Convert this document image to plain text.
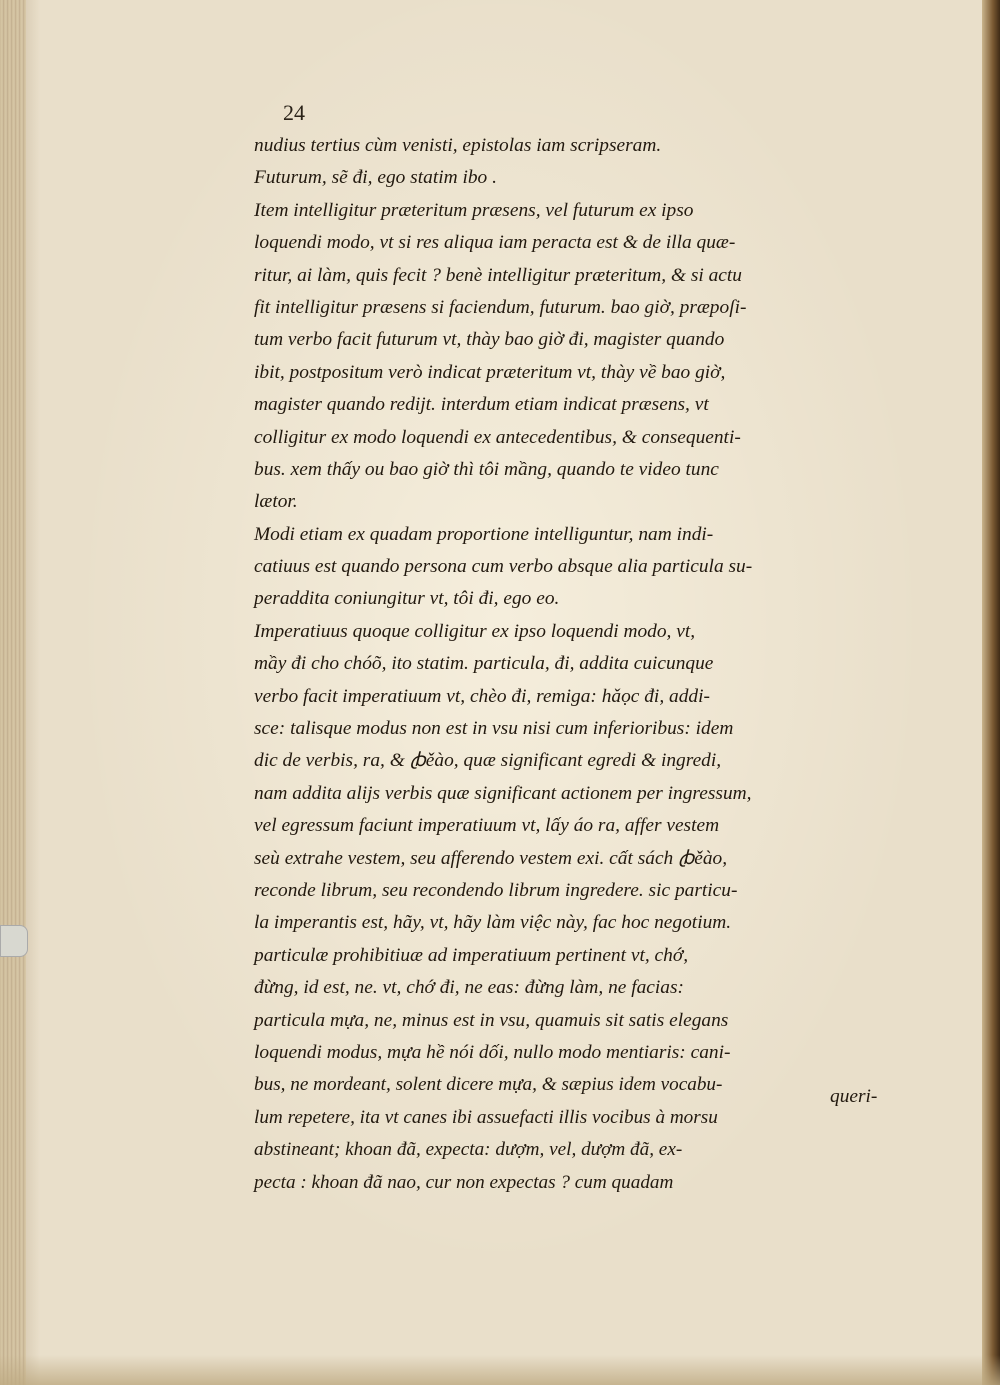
24
nudius tertius cùm venisti, epistolas iam scripseram.
Futurum, sẽ đi, ego statim ibo .
Item intelligitur præteritum præsens, vel futurum ex ipso
loquendi modo, vt si res aliqua iam peracta est & de illa quæ-
ritur, ai làm, quis fecit ? benè intelligitur præteritum, & si actu
fit intelligitur præsens si faciendum, futurum. bao giờ, præpoſi-
tum verbo facit futurum vt, thày bao giờ đi, magister quando
ibit, postpositum verò indicat præteritum vt, thày về bao giờ,
magister quando rediјt. interdum etiam indicat præsens, vt
colligitur ex modo loquendi ex antecedentibus, & consequenti-
bus. xem thấy ou bao giờ thì tôi mầng, quando te video tunc
lætor.
Modi etiam ex quadam proportione intelliguntur, nam indi-
catiuus est quando persona cum verbo absque alia particula su-
peraddita coniungitur vt, tôi đi, ego eo.
Imperatiuus quoque colligitur ex ipso loquendi modo, vt,
mầy đi cho chóõ, ito statim. particula, đi, addita cuicunque
verbo facit imperatiuum vt, chèo đi, remiga: hǎọc đi, addi-
sce: talisque modus non est in vsu nisi cum inferioribus: idem
dic de verbis, ra, & ꞗěào, quæ significant egredi & ingredi,
nam addita alijs verbis quæ significant actionem per ingressum,
vel egressum faciunt imperatiuum vt, lấy áo ra, affer vestem
seù extrahe vestem, seu afferendo vestem exi. cất sách ꞗěào,
reconde librum, seu recondendo librum ingredere. sic particu-
la imperantis est, hãy, vt, hãy làm việc này, fac hoc negotium.
particulæ prohibitiuæ ad imperatiuum pertinent vt, chớ,
đừng, id est, ne. vt, chớ đi, ne eas: đừng làm, ne facias:
particula mựa, ne, minus est in vsu, quamuis sit satis elegans
loquendi modus, mựa hề nói dối, nullo modo mentiaris: cani-
bus, ne mordeant, solent dicere mựa, & sæpius idem vocabu-
lum repetere, ita vt canes ibi assuefacti illis vocibus à morsu
abstineant; khoan đã, expecta: dượm, vel, dượm đã, ex-
pecta : khoan đã nao, cur non expectas ? cum quadam
queri-
